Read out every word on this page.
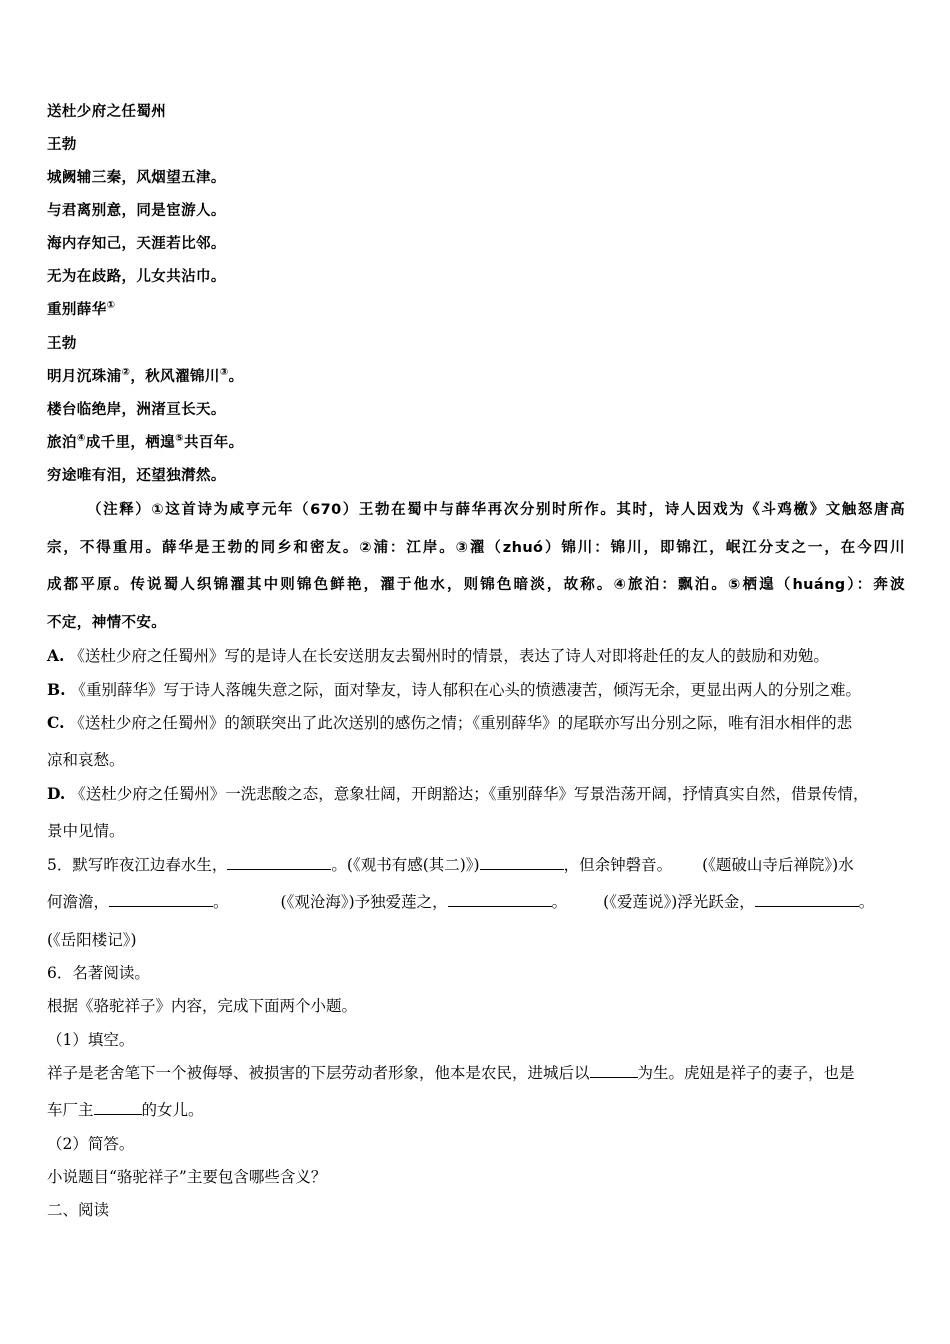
送杜少府之任蜀州
王勃
城阙辅三秦，风烟望五津。
与君离别意，同是宦游人。
海内存知己，天涯若比邻。
无为在歧路，儿女共沾巾。
重别薛华①
王勃
明月沉珠浦②，秋风濯锦川③。
楼台临绝岸，洲渚亘长天。
旅泊④成千里，栖遑⑤共百年。
穷途唯有泪，还望独潸然。
（注释）①这首诗为咸亨元年（670）王勃在蜀中与薛华再次分别时所作。其时，诗人因戏为《斗鸡檄》文触怒唐高
宗，不得重用。薛华是王勃的同乡和密友。②浦：江岸。③濯（zhuó）锦川：锦川，即锦江，岷江分支之一，在今四川
成都平原。传说蜀人织锦濯其中则锦色鲜艳，濯于他水，则锦色暗淡，故称。④旅泊：飘泊。⑤栖遑（huáng）：奔波
不定，神情不安。
A. 《送杜少府之任蜀州》写的是诗人在长安送朋友去蜀州时的情景，表达了诗人对即将赴任的友人的鼓励和劝勉。
B. 《重别薛华》写于诗人落魄失意之际，面对挚友，诗人郁积在心头的愤懑凄苦，倾泻无余，更显出两人的分别之难。
C. 《送杜少府之任蜀州》的颔联突出了此次送别的感伤之情；《重别薛华》的尾联亦写出分别之际，唯有泪水相伴的悲
凉和哀愁。
D. 《送杜少府之任蜀州》一洗悲酸之态，意象壮阔，开朗豁达；《重别薛华》写景浩荡开阔，抒情真实自然，借景传情，
景中见情。
5．默写昨夜江边春水生，	。(《观书有感(其二)》)	，但余钟磬音。 (《题破山寺后禅院》)水
何澹澹，	。	(《观沧海》)予独爱莲之，	。 (《爱莲说》)浮光跃金，	。
(《岳阳楼记》)
6．名著阅读。
根据《骆驼祥子》内容，完成下面两个小题。
（1）填空。
祥子是老舍笔下一个被侮辱、被损害的下层劳动者形象，他本是农民，进城后以	为生。虎妞是祥子的妻子，也是
车厂主	的女儿。
（2）简答。
小说题目“骆驼祥子”主要包含哪些含义？
二、阅读
